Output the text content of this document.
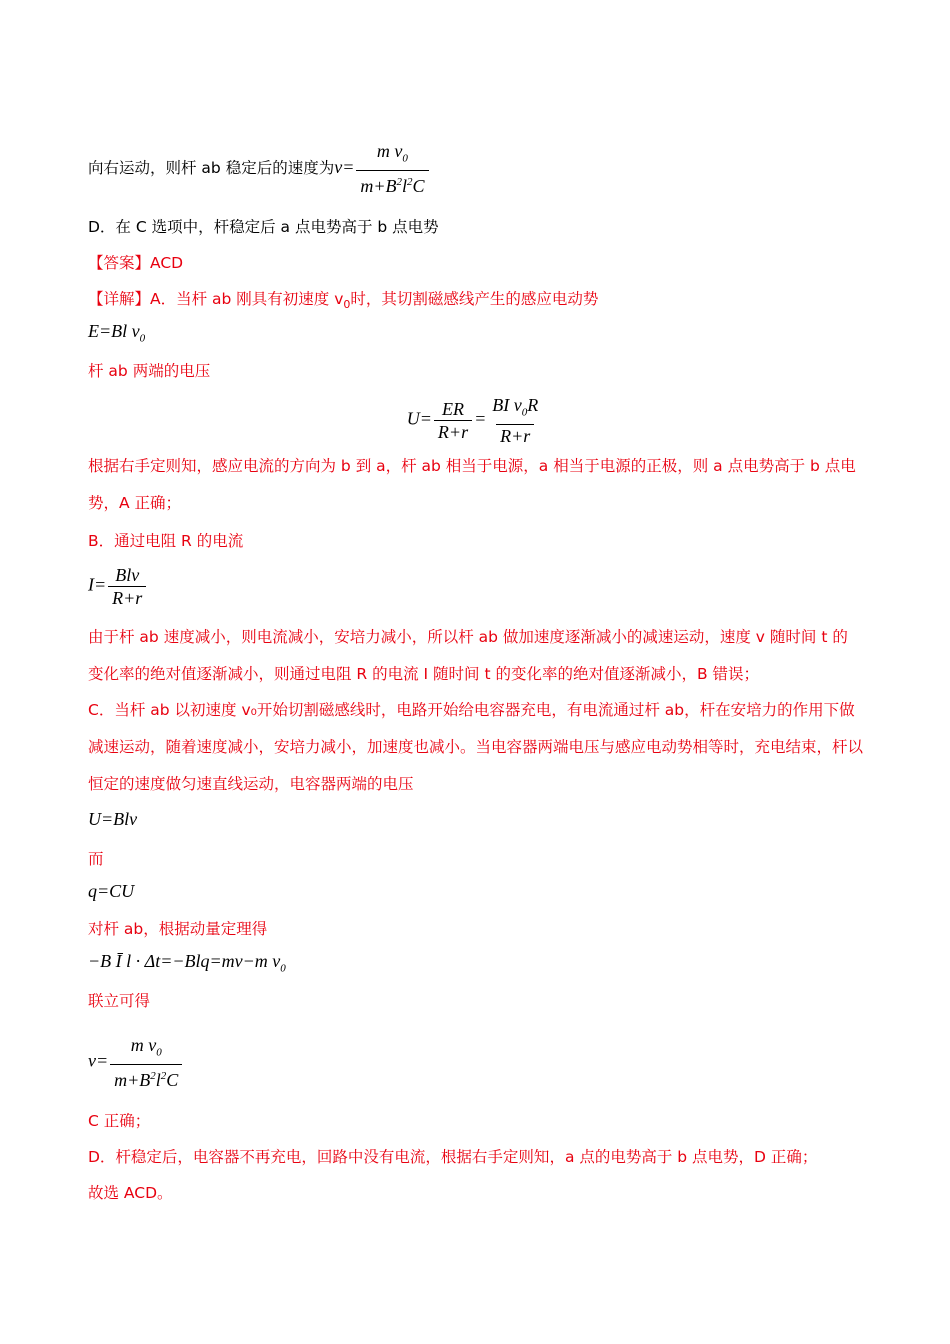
向右运动，则杆 ab 稳定后的速度为$v= \frac{m v_0}{m+B^2l^2C}$
D．在 C 选项中，杆稳定后 a 点电势高于 b 点电势
【答案】ACD
【详解】A．当杆 ab 刚具有初速度 $v_0$时，其切割磁感线产生的感应电动势
E=Bl $v_0$
杆 ab 两端的电压
$U= \frac{ER}{R+r} = \frac{BI v_0R}{R+r}$
根据右手定则知，感应电流的方向为 b 到 a，杆 ab 相当于电源，a 相当于电源的正极，则 a 点电势高于 b 点电势，A 正确；
B．通过电阻 R 的电流
$I= \frac{\text{Blv}}{R+r}$
由于杆 ab 速度减小，则电流减小，安培力减小，所以杆 ab 做加速度逐渐减小的减速运动，速度 v 随时间 t 的变化率的绝对值逐渐减小，则通过电阻 R 的电流 I 随时间 t 的变化率的绝对值逐渐减小，B 错误；
C．当杆 ab 以初速度 v₀开始切割磁感线时，电路开始给电容器充电，有电流通过杆 ab，杆在安培力的作用下做减速运动，随着速度减小，安培力减小，加速度也减小。当电容器两端电压与感应电动势相等时，充电结束，杆以恒定的速度做匀速直线运动，电容器两端的电压
U=Blv
而
q=CU
对杆 ab，根据动量定理得
−B Ī l · Δt=−Blq=mv−m $v_0$
联立可得
$v= \frac{m v_0}{m+B^2l^2C}$
C 正确；
D．杆稳定后，电容器不再充电，回路中没有电流，根据右手定则知，a 点的电势高于 b 点电势，D 正确；
故选 ACD。
